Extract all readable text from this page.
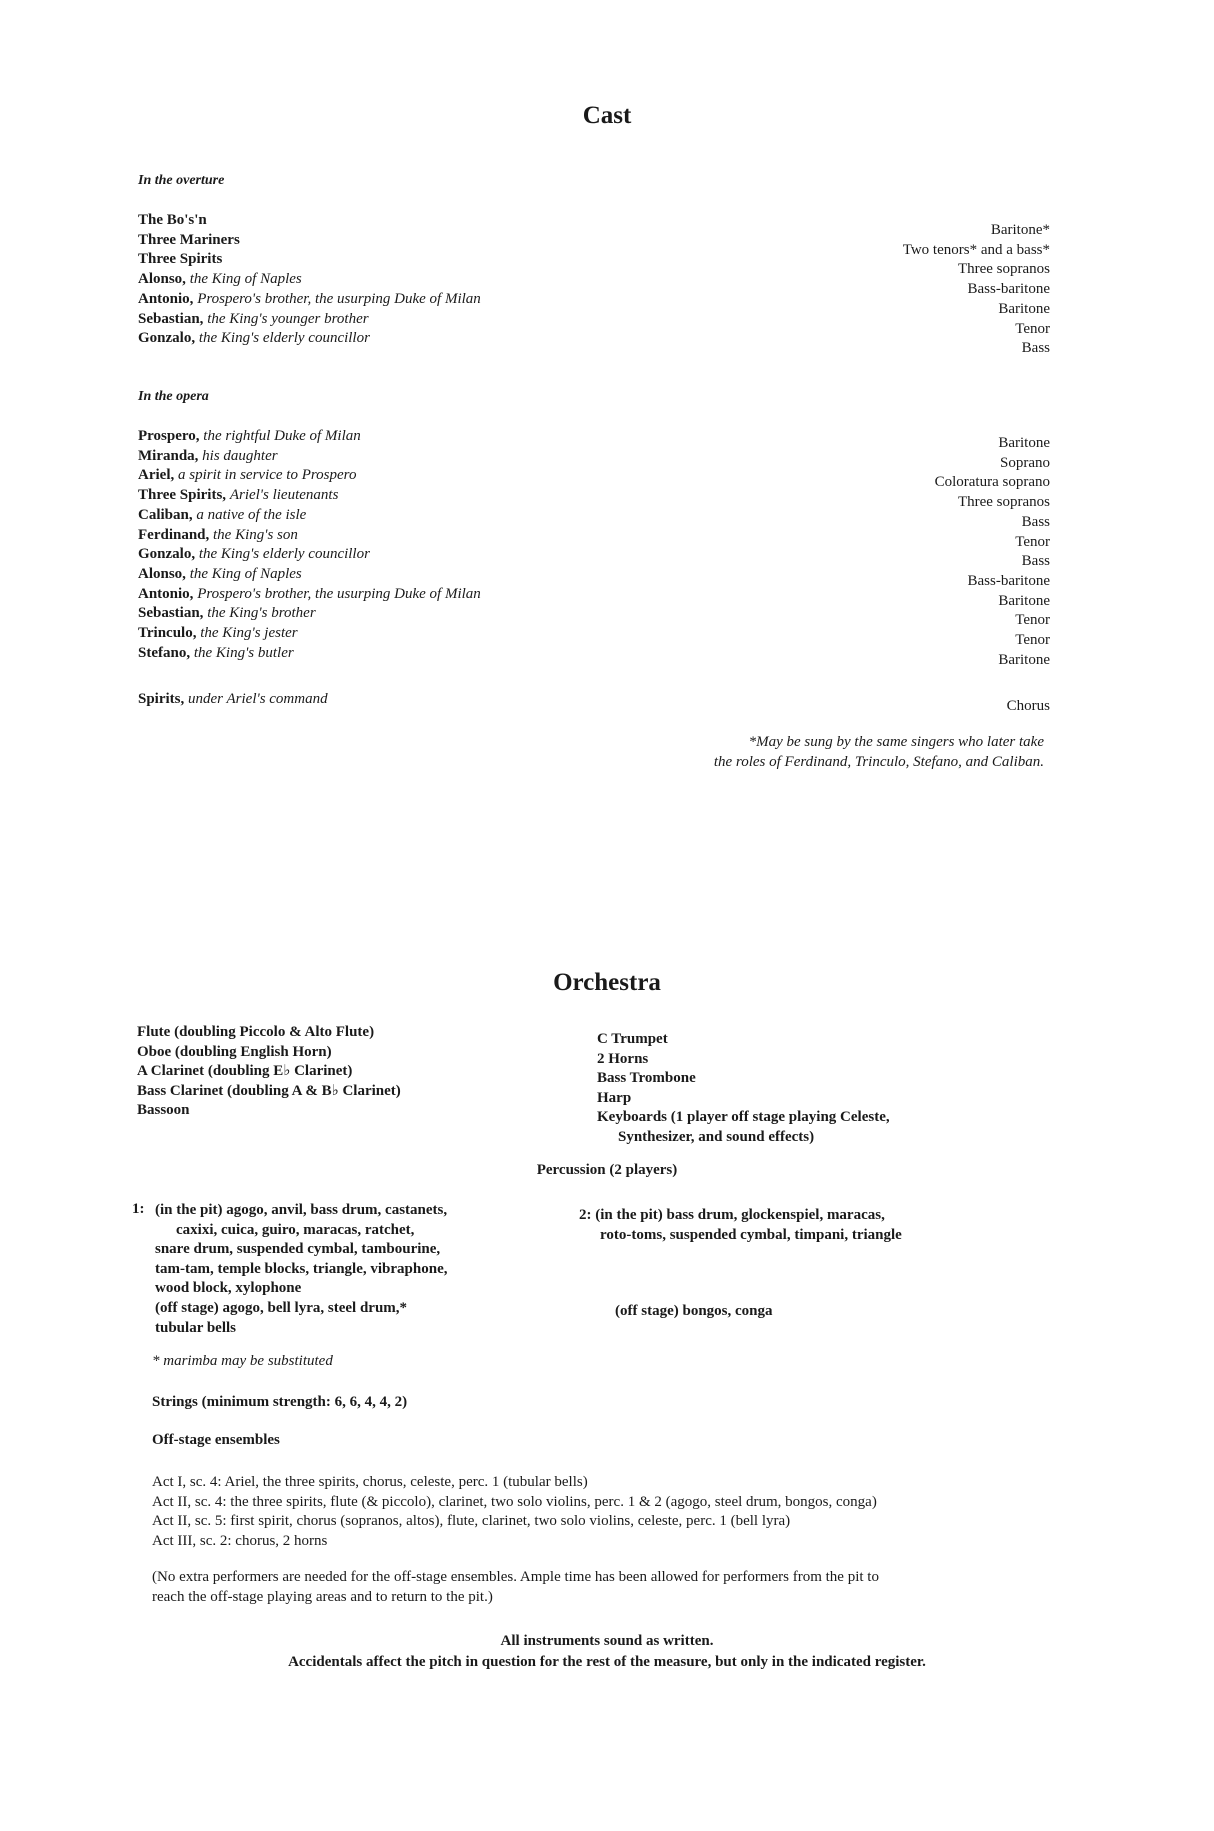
Cast
In the overture
The Bo's'n
Three Mariners
Three Spirits
Alonso, the King of Naples
Antonio, Prospero's brother, the usurping Duke of Milan
Sebastian, the King's younger brother
Gonzalo, the King's elderly councillor
Baritone*
Two tenors* and a bass*
Three sopranos
Bass-baritone
Baritone
Tenor
Bass
In the opera
Prospero, the rightful Duke of Milan
Miranda, his daughter
Ariel, a spirit in service to Prospero
Three Spirits, Ariel's lieutenants
Caliban, a native of the isle
Ferdinand, the King's son
Gonzalo, the King's elderly councillor
Alonso, the King of Naples
Antonio, Prospero's brother, the usurping Duke of Milan
Sebastian, the King's brother
Trinculo, the King's jester
Stefano, the King's butler
Baritone
Soprano
Coloratura soprano
Three sopranos
Bass
Tenor
Bass
Bass-baritone
Baritone
Tenor
Tenor
Baritone
Spirits, under Ariel's command	Chorus
*May be sung by the same singers who later take
the roles of Ferdinand, Trinculo, Stefano, and Caliban.
Orchestra
Flute (doubling Piccolo & Alto Flute)
Oboe (doubling English Horn)
A Clarinet (doubling E♭ Clarinet)
Bass Clarinet (doubling A & B♭ Clarinet)
Bassoon
C Trumpet
2 Horns
Bass Trombone
Harp
Keyboards (1 player off stage playing Celeste,
Synthesizer, and sound effects)
Percussion (2 players)
1: (in the pit) agogo, anvil, bass drum, castanets,
caxixi, cuica, guiro, maracas, ratchet,
snare drum, suspended cymbal, tambourine,
tam-tam, temple blocks, triangle, vibraphone,
wood block, xylophone
(off stage) agogo, bell lyra, steel drum,*
tubular bells
2: (in the pit) bass drum, glockenspiel, maracas,
roto-toms, suspended cymbal, timpani, triangle
(off stage) bongos, conga
* marimba may be substituted
Strings (minimum strength: 6, 6, 4, 4, 2)
Off-stage ensembles
Act I, sc. 4: Ariel, the three spirits, chorus, celeste, perc. 1 (tubular bells)
Act II, sc. 4: the three spirits, flute (& piccolo), clarinet, two solo violins, perc. 1 & 2 (agogo, steel drum, bongos, conga)
Act II, sc. 5: first spirit, chorus (sopranos, altos), flute, clarinet, two solo violins, celeste, perc. 1 (bell lyra)
Act III, sc. 2: chorus, 2 horns
(No extra performers are needed for the off-stage ensembles. Ample time has been allowed for performers from the pit to
reach the off-stage playing areas and to return to the pit.)
All instruments sound as written.
Accidentals affect the pitch in question for the rest of the measure, but only in the indicated register.
